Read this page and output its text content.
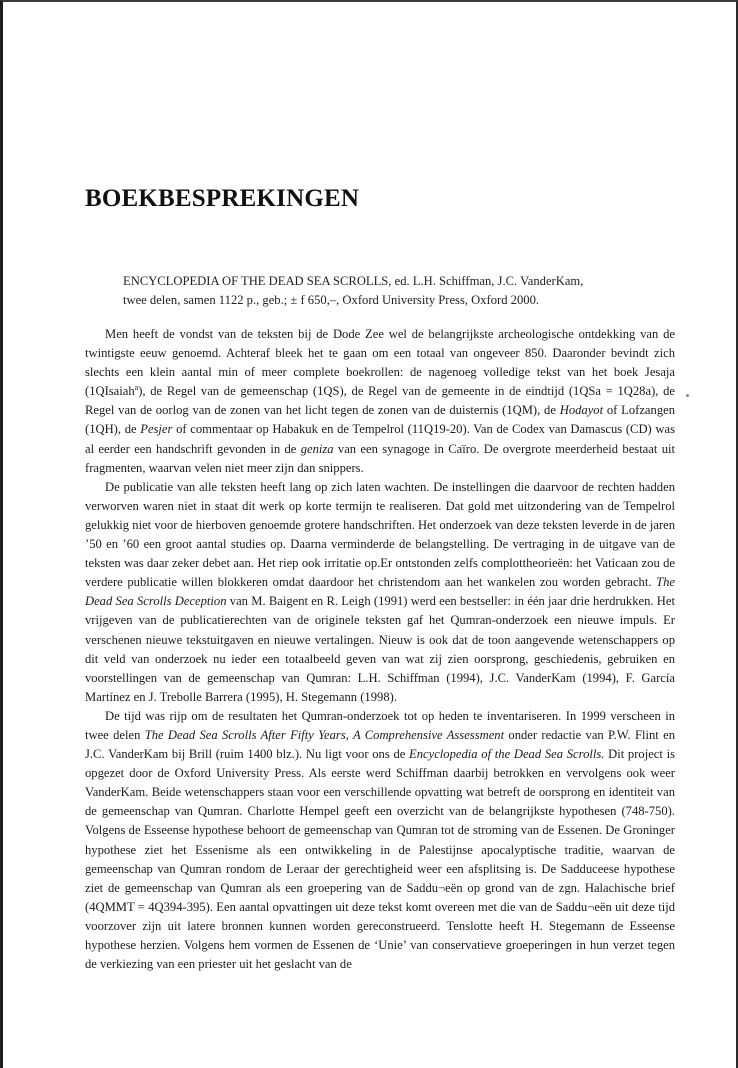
BOEKBESPREKINGEN
ENCYCLOPEDIA OF THE DEAD SEA SCROLLS, ed. L.H. Schiffman, J.C. VanderKam,
twee delen, samen 1122 p., geb.; ± f 650,–, Oxford University Press, Oxford 2000.

Men heeft de vondst van de teksten bij de Dode Zee wel de belangrijkste archeologische ontdekking van de twintigste eeuw genoemd. Achteraf bleek het te gaan om een totaal van ongeveer 850. Daaronder bevindt zich slechts een klein aantal min of meer complete boekrollen: de nagenoeg volledige tekst van het boek Jesaja (1QIsaiah$^a$), de Regel van de gemeenschap (1QS), de Regel van de gemeente in de eindtijd (1QSa = 1Q28a), de Regel van de oorlog van de zonen van het licht tegen de zonen van de duisternis (1QM), de Hodayot of Lofzangen (1QH), de Pesjer of commentaar op Habakuk en de Tempelrol (11Q19-20). Van de Codex van Damascus (CD) was al eerder een handschrift gevonden in de geniza van een synagoge in Caïro. De overgrote meerderheid bestaat uit fragmenten, waarvan velen niet meer zijn dan snippers.

De publicatie van alle teksten heeft lang op zich laten wachten. De instellingen die daarvoor de rechten hadden verworven waren niet in staat dit werk op korte termijn te realiseren. Dat gold met uitzondering van de Tempelrol gelukkig niet voor de hierboven genoemde grotere handschriften. Het onderzoek van deze teksten leverde in de jaren ’50 en ’60 een groot aantal studies op. Daarna verminderde de belangstelling. De vertraging in de uitgave van de teksten was daar zeker debet aan. Het riep ook irritatie op.Er ontstonden zelfs complottheorieën: het Vaticaan zou de verdere publicatie willen blokkeren omdat daardoor het christendom aan het wankelen zou worden gebracht. The Dead Sea Scrolls Deception van M. Baigent en R. Leigh (1991) werd een bestseller: in één jaar drie herdrukken. Het vrijgeven van de publicatierechten van de originele teksten gaf het Qumran-onderzoek een nieuwe impuls. Er verschenen nieuwe tekstuitgaven en nieuwe vertalingen. Nieuw is ook dat de toon aangevende wetenschappers op dit veld van onderzoek nu ieder een totaalbeeld geven van wat zij zien oorsprong, geschiedenis, gebruiken en voorstellingen van de gemeenschap van Qumran: L.H. Schiffman (1994), J.C. VanderKam (1994), F. García Martínez en J. Trebolle Barrera (1995), H. Stegemann (1998).

De tijd was rijp om de resultaten het Qumran-onderzoek tot op heden te inventariseren. In 1999 verscheen in twee delen The Dead Sea Scrolls After Fifty Years, A Comprehensive Assessment onder redactie van P.W. Flint en J.C. VanderKam bij Brill (ruim 1400 blz.). Nu ligt voor ons de Encyclopedia of the Dead Sea Scrolls. Dit project is opgezet door de Oxford University Press. Als eerste werd Schiffman daarbij betrokken en vervolgens ook weer VanderKam. Beide wetenschappers staan voor een verschillende opvatting wat betreft de oorsprong en identiteit van de gemeenschap van Qumran. Charlotte Hempel geeft een overzicht van de belangrijkste hypothesen (748-750). Volgens de Esseense hypothese behoort de gemeenschap van Qumran tot de stroming van de Essenen. De Groninger hypothese ziet het Essenisme als een ontwikkeling in de Palestijnse apocalyptische traditie, waarvan de gemeenschap van Qumran rondom de Leraar der gerechtigheid weer een afsplitsing is. De Sadduceese hypothese ziet de gemeenschap van Qumran als een groepering van de Saddu¬eën op grond van de zgn. Halachische brief (4QMMT = 4Q394-395). Een aantal opvattingen uit deze tekst komt overeen met die van de Saddu¬eën uit deze tijd voorzover zijn uit latere bronnen kunnen worden gereconstrueerd. Tenslotte heeft H. Stegemann de Esseense hypothese herzien. Volgens hem vormen de Essenen de ‘Unie’ van conservatieve groeperingen in hun verzet tegen de verkiezing van een priester uit het geslacht van de
